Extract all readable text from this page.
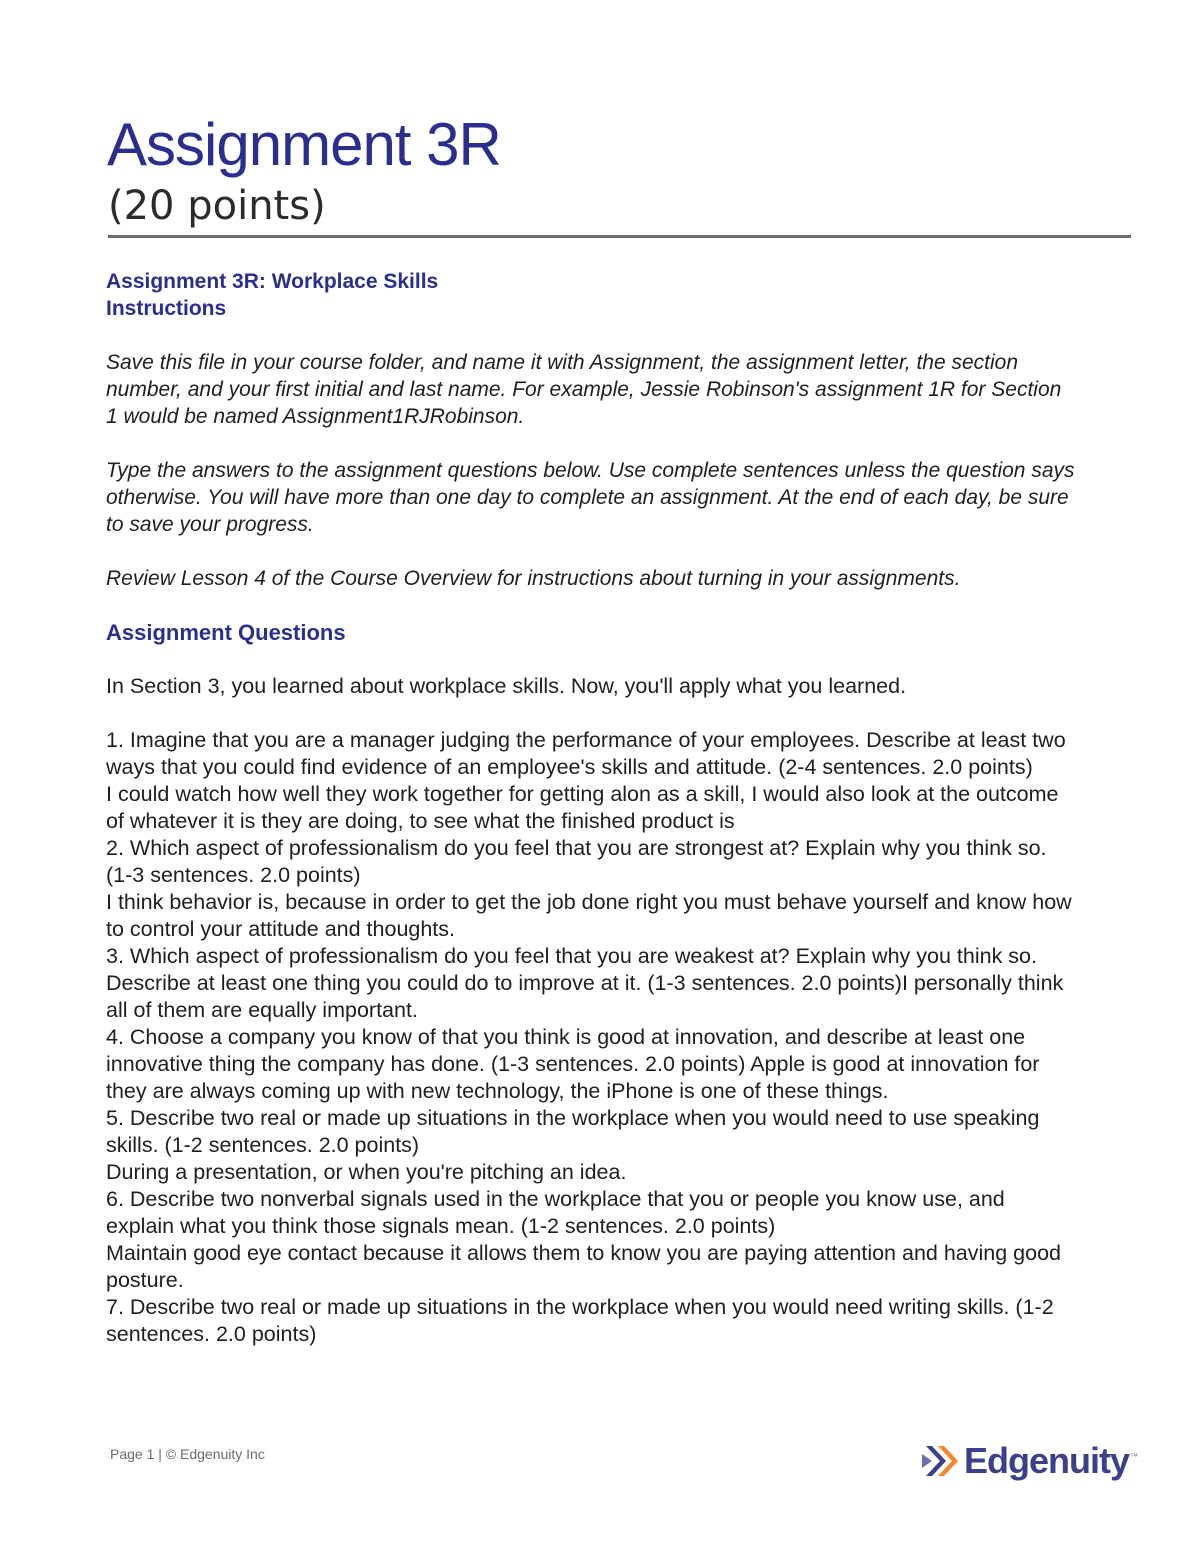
Assignment 3R
(20 points)
Assignment 3R: Workplace Skills
Instructions
Save this file in your course folder, and name it with Assignment, the assignment letter, the section number, and your first initial and last name. For example, Jessie Robinson's assignment 1R for Section 1 would be named Assignment1RJRobinson.
Type the answers to the assignment questions below. Use complete sentences unless the question says otherwise. You will have more than one day to complete an assignment. At the end of each day, be sure to save your progress.
Review Lesson 4 of the Course Overview for instructions about turning in your assignments.
Assignment Questions
In Section 3, you learned about workplace skills. Now, you'll apply what you learned.

1. Imagine that you are a manager judging the performance of your employees. Describe at least two ways that you could find evidence of an employee's skills and attitude. (2-4 sentences. 2.0 points)

I could watch how well they work together for getting alon as a skill, I would also look at the outcome of whatever it is they are doing, to see what the finished product is

2. Which aspect of professionalism do you feel that you are strongest at? Explain why you think so. (1-3 sentences. 2.0 points)

I think behavior is, because in order to get the job done right you must behave yourself and know how to control your attitude and thoughts.

3. Which aspect of professionalism do you feel that you are weakest at? Explain why you think so. Describe at least one thing you could do to improve at it. (1-3 sentences. 2.0 points)I personally think all of them are equally important.

4. Choose a company you know of that you think is good at innovation, and describe at least one innovative thing the company has done. (1-3 sentences. 2.0 points) Apple is good at innovation for they are always coming up with new technology, the iPhone is one of these things.

5. Describe two real or made up situations in the workplace when you would need to use speaking skills. (1-2 sentences. 2.0 points)

During a presentation, or when you're pitching an idea.

6. Describe two nonverbal signals used in the workplace that you or people you know use, and explain what you think those signals mean. (1-2 sentences. 2.0 points)

Maintain good eye contact because it allows them to know you are paying attention and having good posture.

7. Describe two real or made up situations in the workplace when you would need writing skills. (1-2 sentences. 2.0 points)

Page 1 | © Edgenuity Inc	Edgenuity ™
